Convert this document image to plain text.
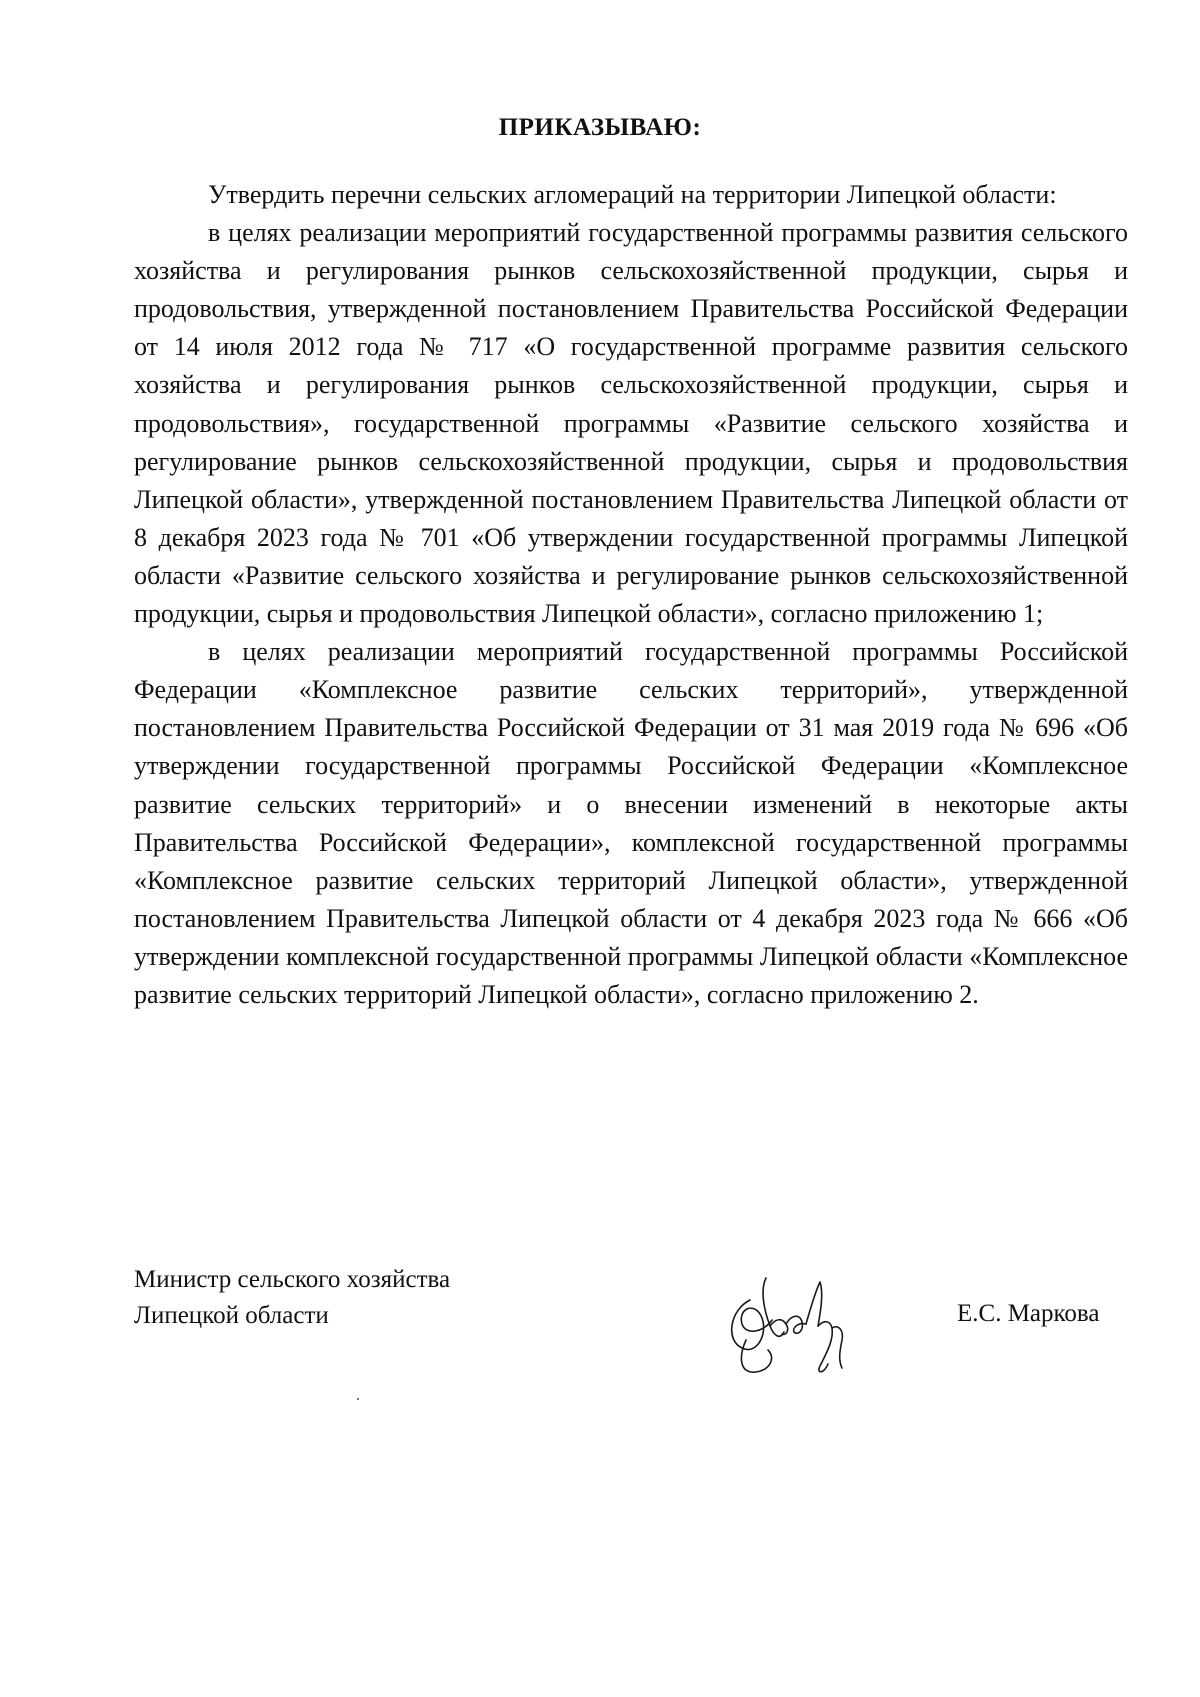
ПРИКАЗЫВАЮ:

Утвердить перечни сельских агломераций на территории Липецкой области:

в целях реализации мероприятий государственной программы развития сельского хозяйства и регулирования рынков сельскохозяйственной продукции, сырья и продовольствия, утвержденной постановлением Правительства Российской Федерации от 14 июля 2012 года № 717 «О государственной программе развития сельского хозяйства и регулирования рынков сельскохозяйственной продукции, сырья и продовольствия», государственной программы «Развитие сельского хозяйства и регулирование рынков сельскохозяйственной продукции, сырья и продовольствия Липецкой области», утвержденной постановлением Правительства Липецкой области от 8 декабря 2023 года № 701 «Об утверждении государственной программы Липецкой области «Развитие сельского хозяйства и регулирование рынков сельскохозяйственной продукции, сырья и продовольствия Липецкой области», согласно приложению 1;

в целях реализации мероприятий государственной программы Российской Федерации «Комплексное развитие сельских территорий», утвержденной постановлением Правительства Российской Федерации от 31 мая 2019 года № 696 «Об утверждении государственной программы Российской Федерации «Комплексное развитие сельских территорий» и о внесении изменений в некоторые акты Правительства Российской Федерации», комплексной государственной программы «Комплексное развитие сельских территорий Липецкой области», утвержденной постановлением Правительства Липецкой области от 4 декабря 2023 года № 666 «Об утверждении комплексной государственной программы Липецкой области «Комплексное развитие сельских территорий Липецкой области», согласно приложению 2.

Министр сельского хозяйства
Липецкой области	Е.С. Маркова
